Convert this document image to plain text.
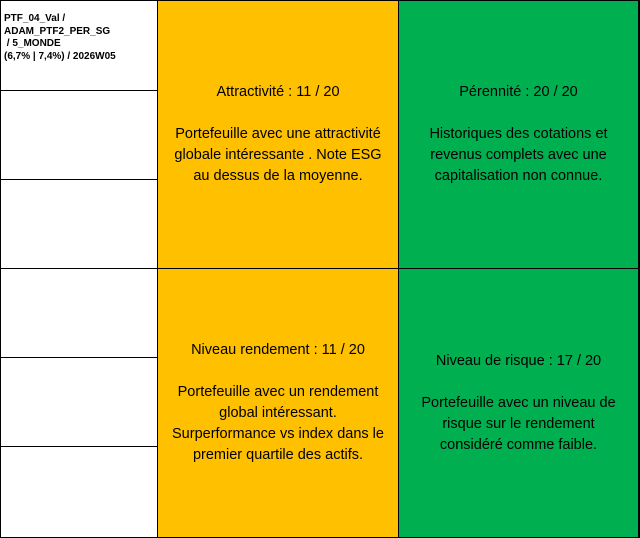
PTF_04_Val /
ADAM_PTF2_PER_SG
/ 5_MONDE
(6,7% | 7,4%) / 2026W05
Attractivité : 11 / 20
Portefeuille avec une attractivité
globale intéressante . Note ESG
au dessus de la moyenne.
Pérennité : 20 / 20
Historiques des cotations et
revenus complets avec une
capitalisation non connue.
Niveau rendement : 11 / 20
Portefeuille avec un rendement
global intéressant.
Surperformance vs index dans le
premier quartile des actifs.
Niveau de risque : 17 / 20
Portefeuille avec un niveau de
risque sur le rendement
considéré comme faible.
